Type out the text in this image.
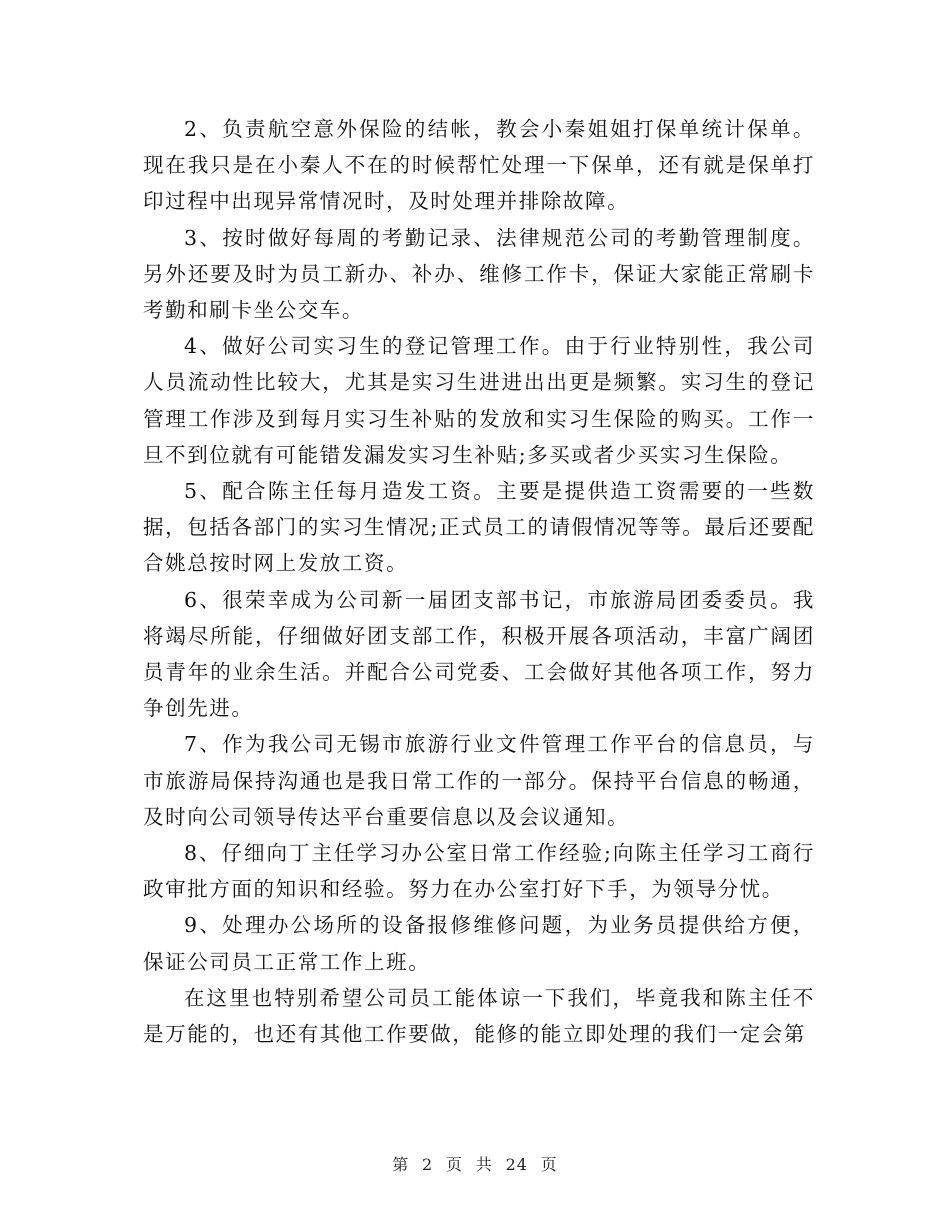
2、负责航空意外保险的结帐，教会小秦姐姐打保单统计保单。现在我只是在小秦人不在的时候帮忙处理一下保单，还有就是保单打印过程中出现异常情况时，及时处理并排除故障。

3、按时做好每周的考勤记录、法律规范公司的考勤管理制度。另外还要及时为员工新办、补办、维修工作卡，保证大家能正常刷卡考勤和刷卡坐公交车。

4、做好公司实习生的登记管理工作。由于行业特别性，我公司人员流动性比较大，尤其是实习生进进出出更是频繁。实习生的登记管理工作涉及到每月实习生补贴的发放和实习生保险的购买。工作一旦不到位就有可能错发漏发实习生补贴;多买或者少买实习生保险。

5、配合陈主任每月造发工资。主要是提供造工资需要的一些数据，包括各部门的实习生情况;正式员工的请假情况等等。最后还要配合姚总按时网上发放工资。

6、很荣幸成为公司新一届团支部书记，市旅游局团委委员。我将竭尽所能，仔细做好团支部工作，积极开展各项活动，丰富广阔团员青年的业余生活。并配合公司党委、工会做好其他各项工作，努力争创先进。

7、作为我公司无锡市旅游行业文件管理工作平台的信息员，与市旅游局保持沟通也是我日常工作的一部分。保持平台信息的畅通，及时向公司领导传达平台重要信息以及会议通知。

8、仔细向丁主任学习办公室日常工作经验;向陈主任学习工商行政审批方面的知识和经验。努力在办公室打好下手，为领导分忧。

9、处理办公场所的设备报修维修问题，为业务员提供给方便，保证公司员工正常工作上班。

在这里也特别希望公司员工能体谅一下我们，毕竟我和陈主任不是万能的，也还有其他工作要做，能修的能立即处理的我们一定会第

第 2 页 共 24 页
